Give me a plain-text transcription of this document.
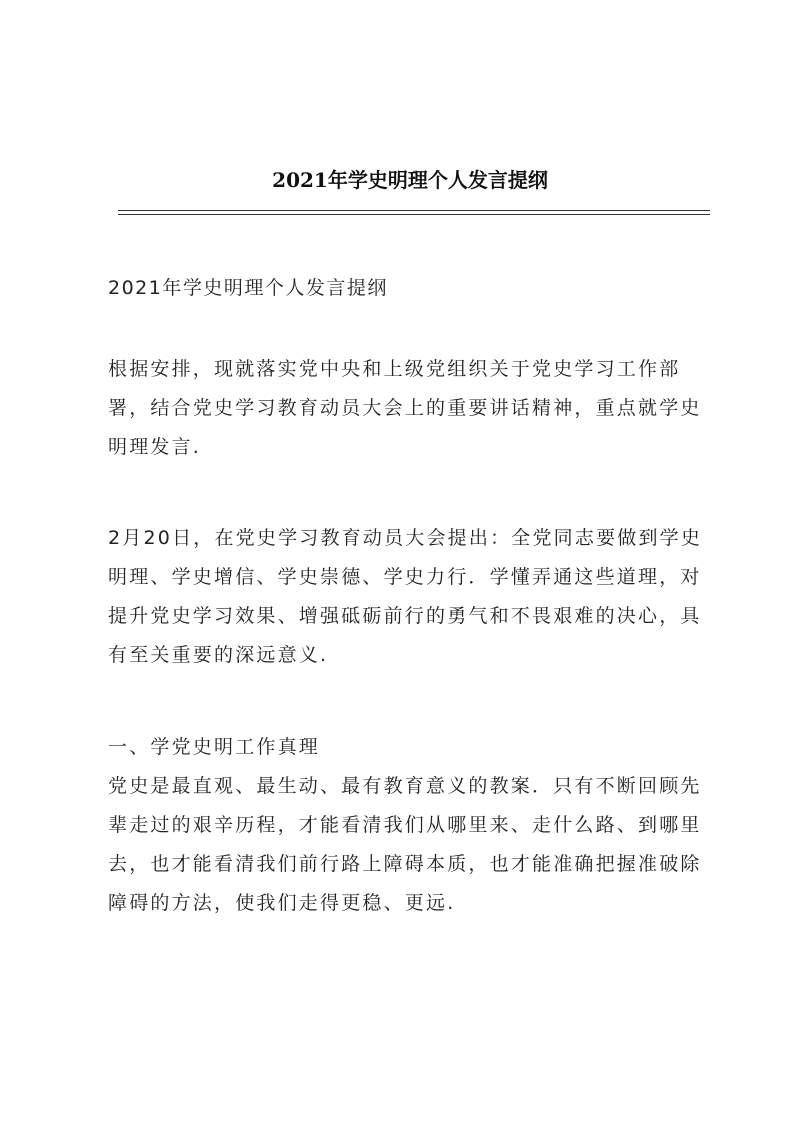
2021年学史明理个人发言提纲
2021年学史明理个人发言提纲
根据安排，现就落实党中央和上级党组织关于党史学习工作部署，结合党史学习教育动员大会上的重要讲话精神，重点就学史明理发言.
2月20日，在党史学习教育动员大会提出：全党同志要做到学史明理、学史增信、学史崇德、学史力行．学懂弄通这些道理，对提升党史学习效果、增强砥砺前行的勇气和不畏艰难的决心，具有至关重要的深远意义.
一、学党史明工作真理
党史是最直观、最生动、最有教育意义的教案．只有不断回顾先辈走过的艰辛历程，才能看清我们从哪里来、走什么路、到哪里去，也才能看清我们前行路上障碍本质，也才能准确把握准破除障碍的方法，使我们走得更稳、更远.
